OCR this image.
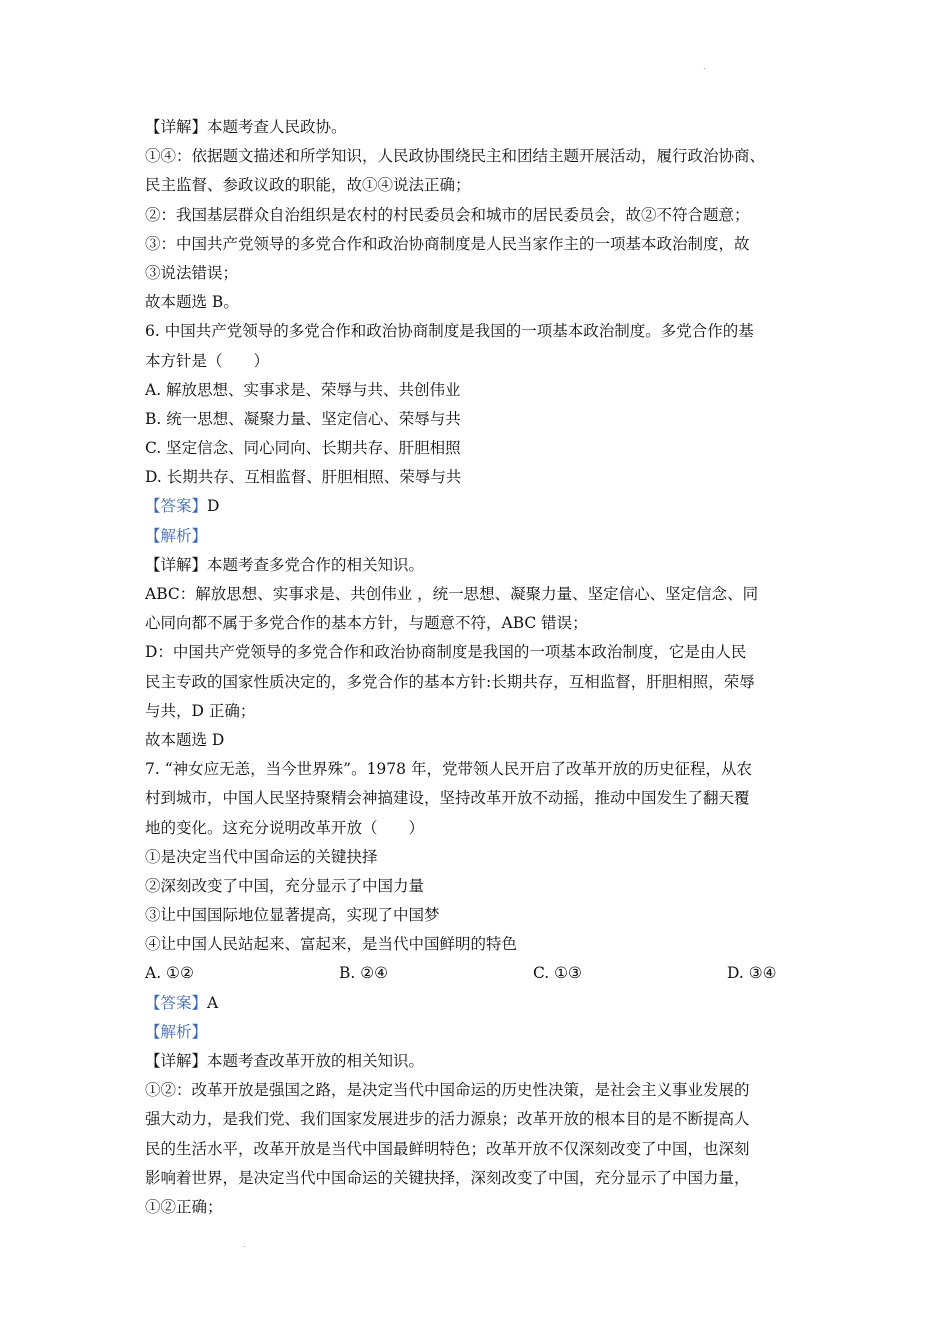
.
.
【详解】本题考查人民政协。
①④：依据题文描述和所学知识，人民政协围绕民主和团结主题开展活动，履行政治协商、
民主监督、参政议政的职能，故①④说法正确；
②：我国基层群众自治组织是农村的村民委员会和城市的居民委员会，故②不符合题意；
③：中国共产党领导的多党合作和政治协商制度是人民当家作主的一项基本政治制度，故
③说法错误；
故本题选 B。
6. 中国共产党领导的多党合作和政治协商制度是我国的一项基本政治制度。多党合作的基
本方针是（　　）
A. 解放思想、实事求是、荣辱与共、共创伟业
B. 统一思想、凝聚力量、坚定信心、荣辱与共
C. 坚定信念、同心同向、长期共存、肝胆相照
D. 长期共存、互相监督、肝胆相照、荣辱与共
【答案】D
【解析】
【详解】本题考查多党合作的相关知识。
ABC：解放思想、实事求是、共创伟业 ，统一思想、凝聚力量、坚定信心、坚定信念、同
心同向都不属于多党合作的基本方针，与题意不符，ABC 错误；
D：中国共产党领导的多党合作和政治协商制度是我国的一项基本政治制度，它是由人民
民主专政的国家性质决定的，多党合作的基本方针:长期共存，互相监督，肝胆相照，荣辱
与共，D 正确；
故本题选 D
7. “神女应无恙，当今世界殊”。1978 年，党带领人民开启了改革开放的历史征程，从农
村到城市，中国人民坚持聚精会神搞建设，坚持改革开放不动摇，推动中国发生了翻天覆
地的变化。这充分说明改革开放（　　）
①是决定当代中国命运的关键抉择
②深刻改变了中国，充分显示了中国力量
③让中国国际地位显著提高，实现了中国梦
④让中国人民站起来、富起来，是当代中国鲜明的特色
A. ①②	B. ②④	C. ①③	D. ③④
【答案】A
【解析】
【详解】本题考查改革开放的相关知识。
①②：改革开放是强国之路，是决定当代中国命运的历史性决策，是社会主义事业发展的
强大动力，是我们党、我们国家发展进步的活力源泉；改革开放的根本目的是不断提高人
民的生活水平，改革开放是当代中国最鲜明特色；改革开放不仅深刻改变了中国，也深刻
影响着世界，是决定当代中国命运的关键抉择，深刻改变了中国，充分显示了中国力量，
①②正确；
